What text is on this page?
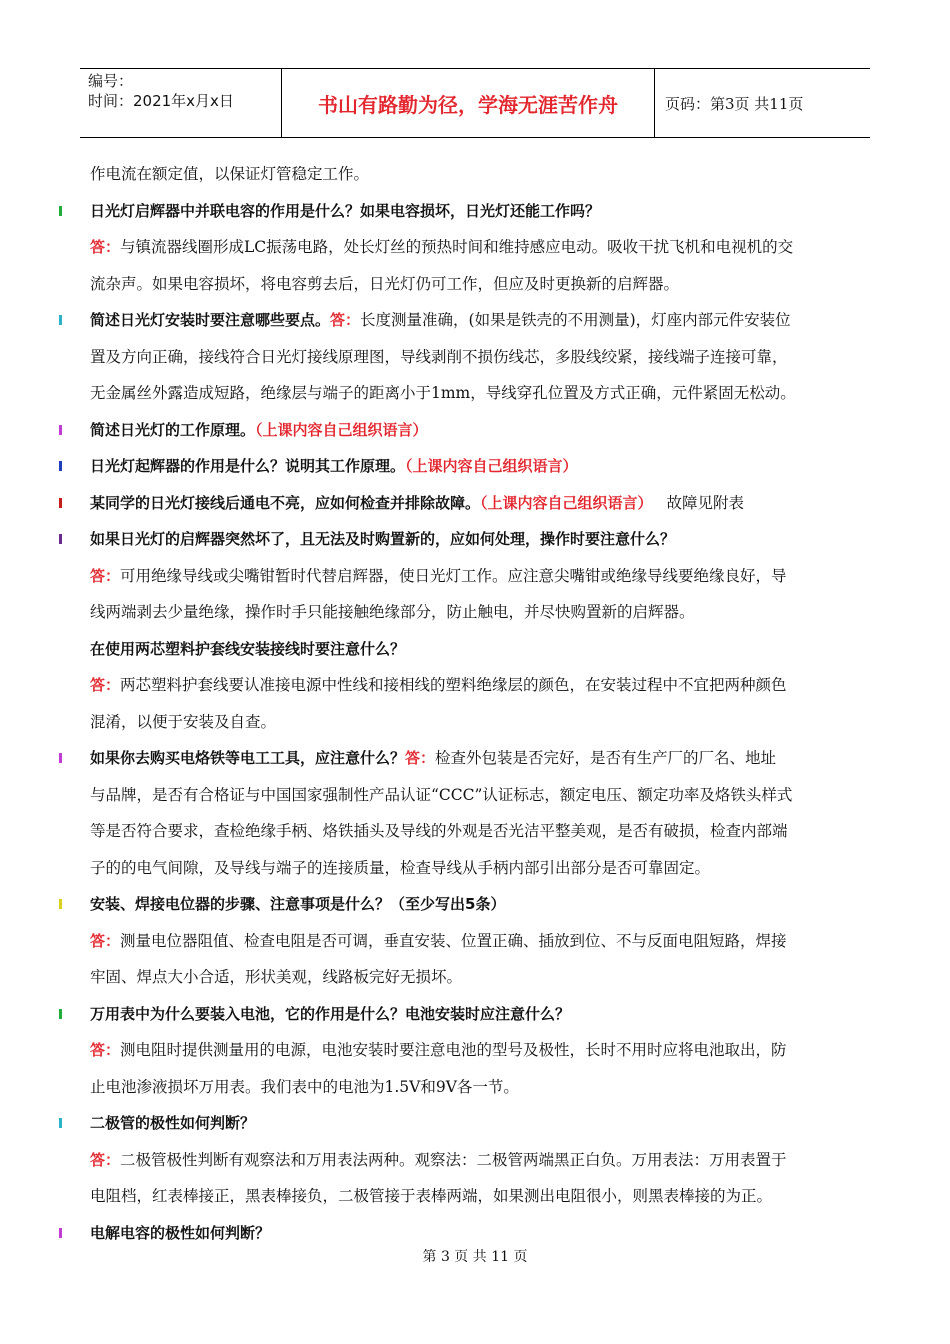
编号：
时间：2021年x月x日	书山有路勤为径，学海无涯苦作舟	页码：第3页 共11页
作电流在额定值，以保证灯管稳定工作。
日光灯启辉器中并联电容的作用是什么？如果电容损坏，日光灯还能工作吗？
答：与镇流器线圈形成LC振荡电路，处长灯丝的预热时间和维持感应电动。吸收干扰飞机和电视机的交
流杂声。如果电容损坏，将电容剪去后，日光灯仍可工作，但应及时更换新的启辉器。
简述日光灯安装时要注意哪些要点。答：长度测量准确，(如果是铁壳的不用测量)，灯座内部元件安装位
置及方向正确，接线符合日光灯接线原理图，导线剥削不损伤线芯，多股线绞紧，接线端子连接可靠，
无金属丝外露造成短路，绝缘层与端子的距离小于1mm，导线穿孔位置及方式正确，元件紧固无松动。
简述日光灯的工作原理。（上课内容自己组织语言）
日光灯起辉器的作用是什么？说明其工作原理。（上课内容自己组织语言）
某同学的日光灯接线后通电不亮，应如何检查并排除故障。（上课内容自己组织语言） 故障见附表
如果日光灯的启辉器突然坏了，且无法及时购置新的，应如何处理，操作时要注意什么？
答：可用绝缘导线或尖嘴钳暂时代替启辉器，使日光灯工作。应注意尖嘴钳或绝缘导线要绝缘良好，导
线两端剥去少量绝缘，操作时手只能接触绝缘部分，防止触电，并尽快购置新的启辉器。
在使用两芯塑料护套线安装接线时要注意什么？
答：两芯塑料护套线要认准接电源中性线和接相线的塑料绝缘层的颜色，在安装过程中不宜把两种颜色
混淆，以便于安装及自查。
如果你去购买电烙铁等电工工具，应注意什么？答：检查外包装是否完好，是否有生产厂的厂名、地址
与品牌，是否有合格证与中国国家强制性产品认证“CCC”认证标志，额定电压、额定功率及烙铁头样式
等是否符合要求，查检绝缘手柄、烙铁插头及导线的外观是否光洁平整美观，是否有破损，检查内部端
子的的电气间隙，及导线与端子的连接质量，检查导线从手柄内部引出部分是否可靠固定。
安装、焊接电位器的步骤、注意事项是什么？（至少写出5条）
答：测量电位器阻值、检查电阻是否可调，垂直安装、位置正确、插放到位、不与反面电阻短路，焊接
牢固、焊点大小合适，形状美观，线路板完好无损坏。
万用表中为什么要装入电池，它的作用是什么？电池安装时应注意什么？
答：测电阻时提供测量用的电源，电池安装时要注意电池的型号及极性，长时不用时应将电池取出，防
止电池渗液损坏万用表。我们表中的电池为1.5V和9V各一节。
二极管的极性如何判断？
答：二极管极性判断有观察法和万用表法两种。观察法：二极管两端黑正白负。万用表法：万用表置于
电阻档，红表棒接正，黑表棒接负，二极管接于表棒两端，如果测出电阻很小，则黑表棒接的为正。
电解电容的极性如何判断？
第 3 页 共 11 页
